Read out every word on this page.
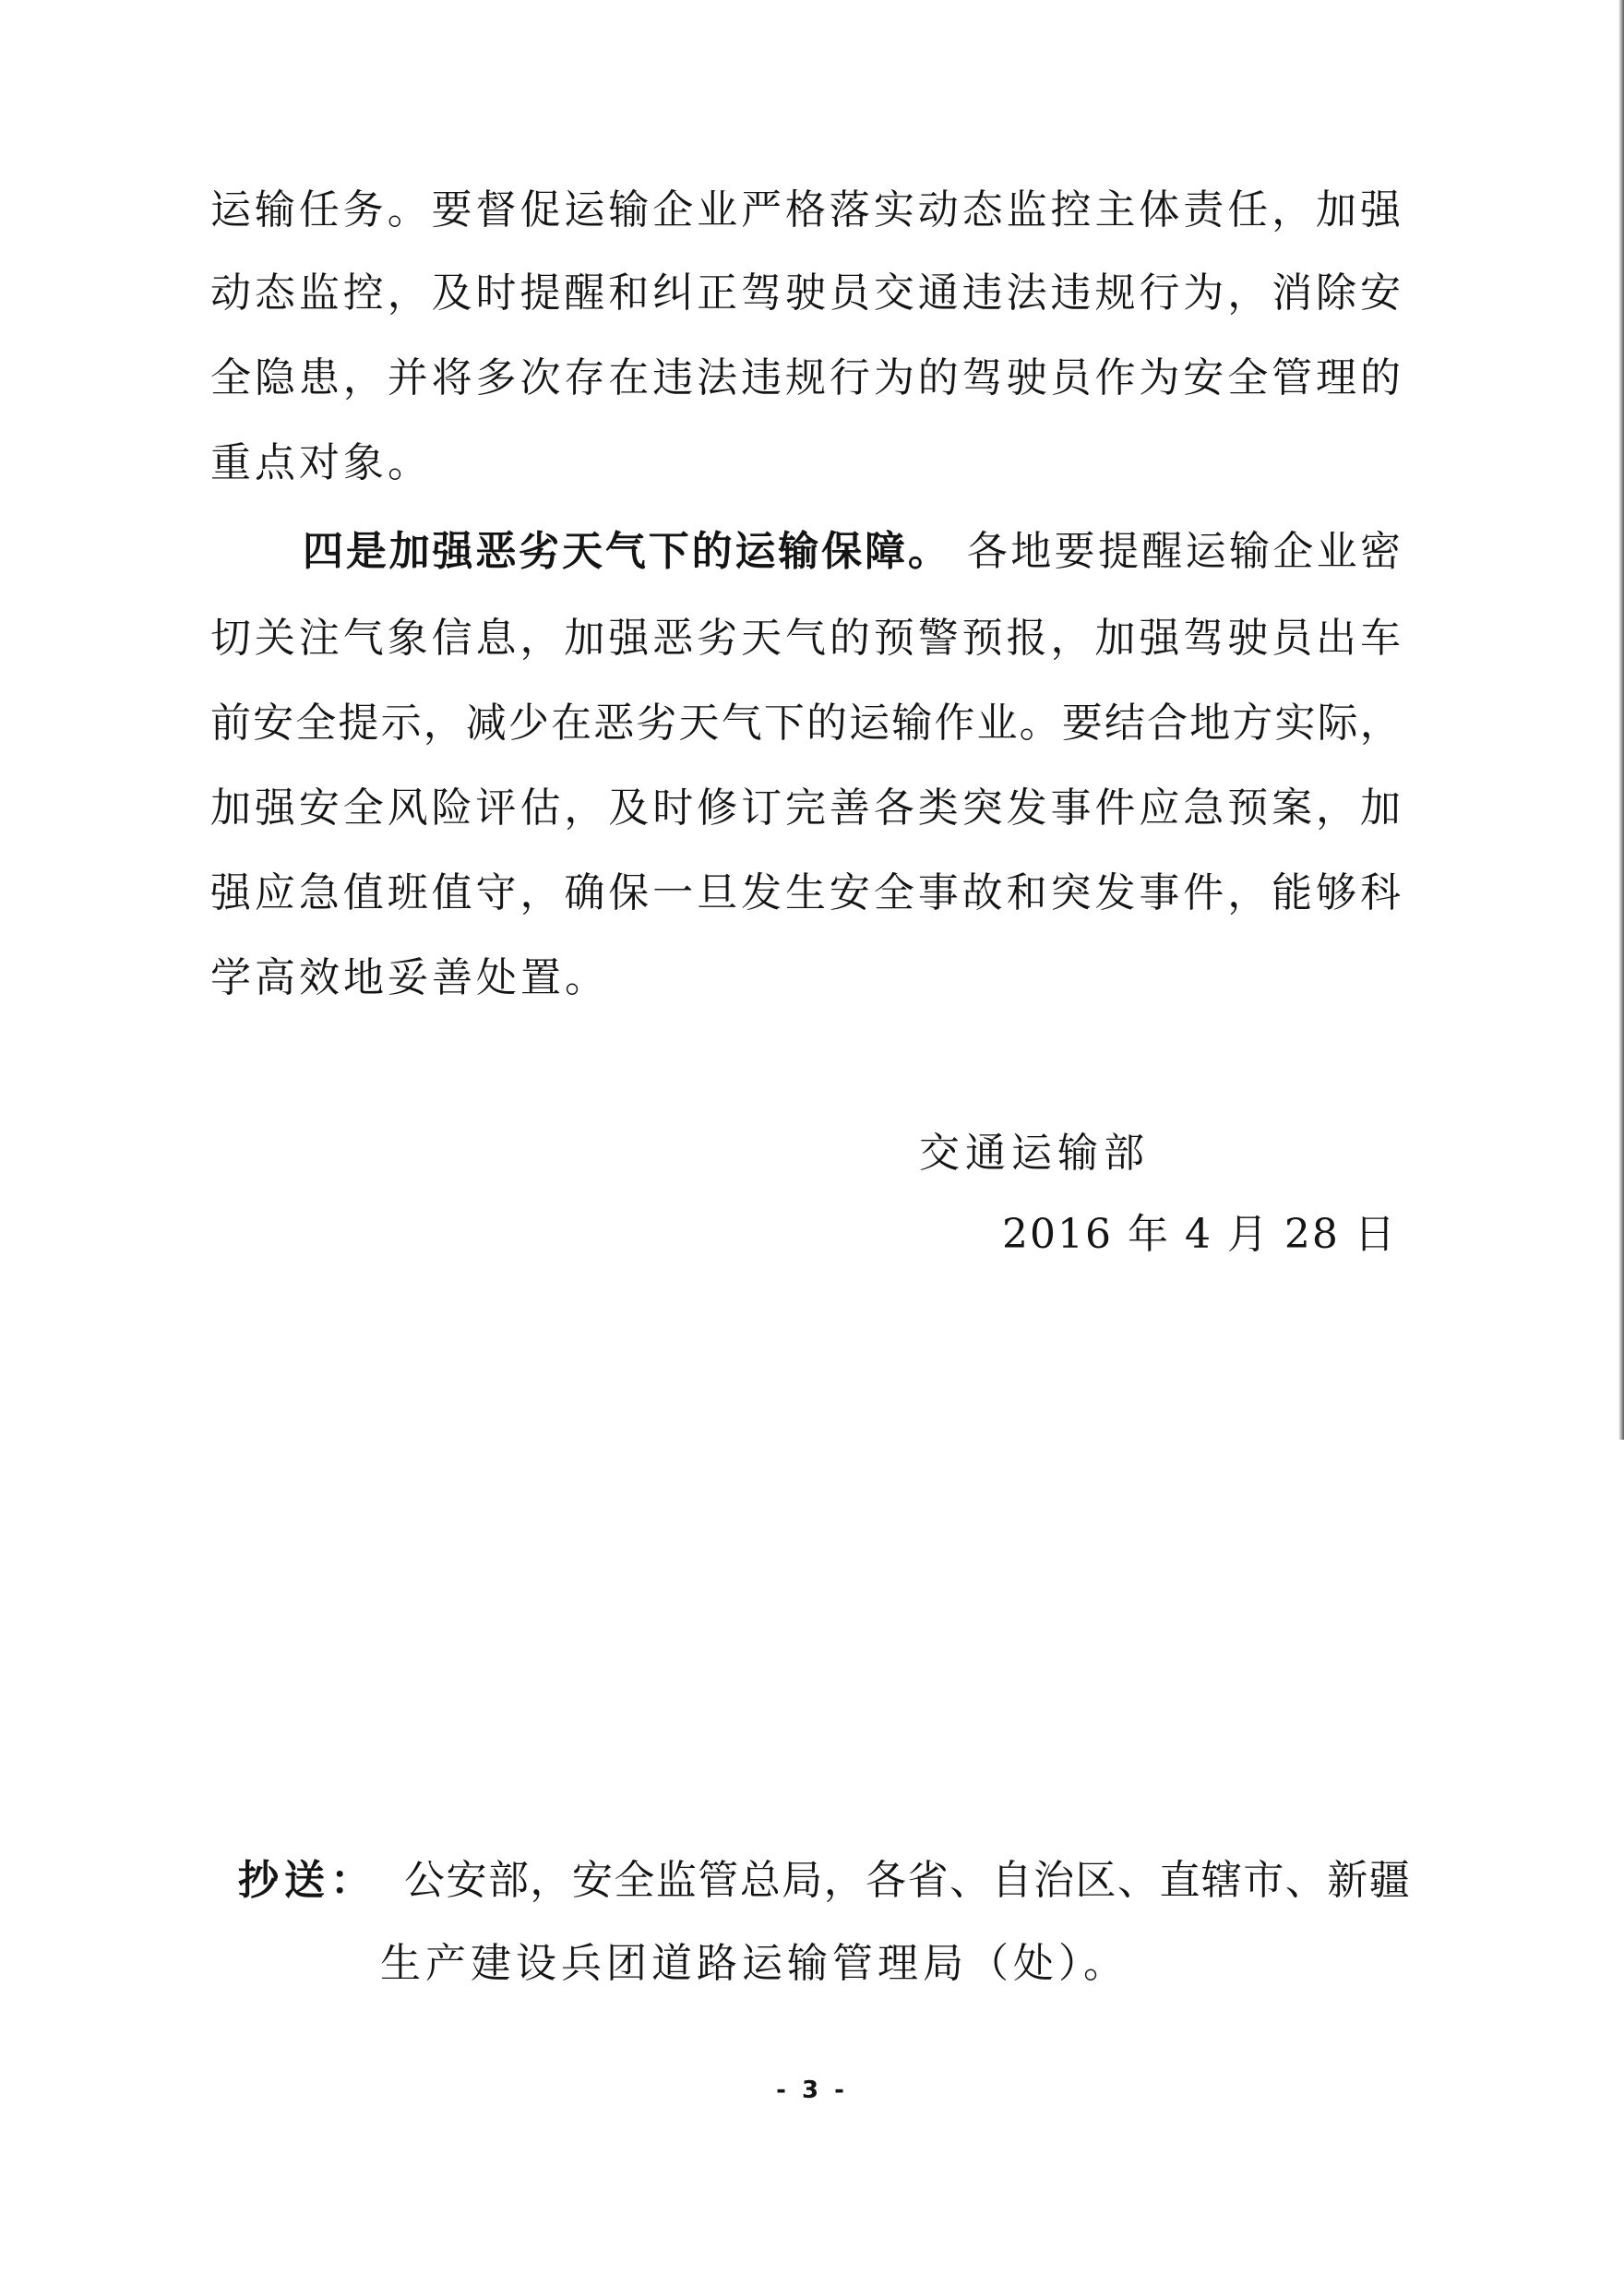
运 输 任 务 。 要 督 促 运 输 企 业 严 格 落 实 动 态 监 控 主 体 责 任 ， 加 强
动 态 监 控 ， 及 时 提 醒 和 纠 正 驾 驶 员 交 通 违 法 违 规 行 为 ， 消 除 安
全 隐 患 ， 并 将 多 次 存 在 违 法 违 规 行 为 的 驾 驶 员 作 为 安 全 管 理 的
重点对象。
四 是 加 强 恶 劣 天 气 下 的 运 输 保 障 。 各 地 要 提 醒 运 输 企 业 密
切 关 注 气 象 信 息 ， 加 强 恶 劣 天 气 的 预 警 预 报 ， 加 强 驾 驶 员 出 车
前 安 全 提 示 ， 减 少 在 恶 劣 天 气 下 的 运 输 作 业 。 要 结 合 地 方 实 际 ，
加 强 安 全 风 险 评 估 ， 及 时 修 订 完 善 各 类 突 发 事 件 应 急 预 案 ， 加
强 应 急 值 班 值 守 ， 确 保 一 旦 发 生 安 全 事 故 和 突 发 事 件 ， 能 够 科
学高效地妥善处置。
交通运输部
2016 年 4 月 28 日
抄送： 公 安 部 ， 安 全 监 管 总 局 ， 各 省 、 自 治 区 、 直 辖 市 、 新 疆
生产建设兵团道路运输管理局（处）。
- 3 -
